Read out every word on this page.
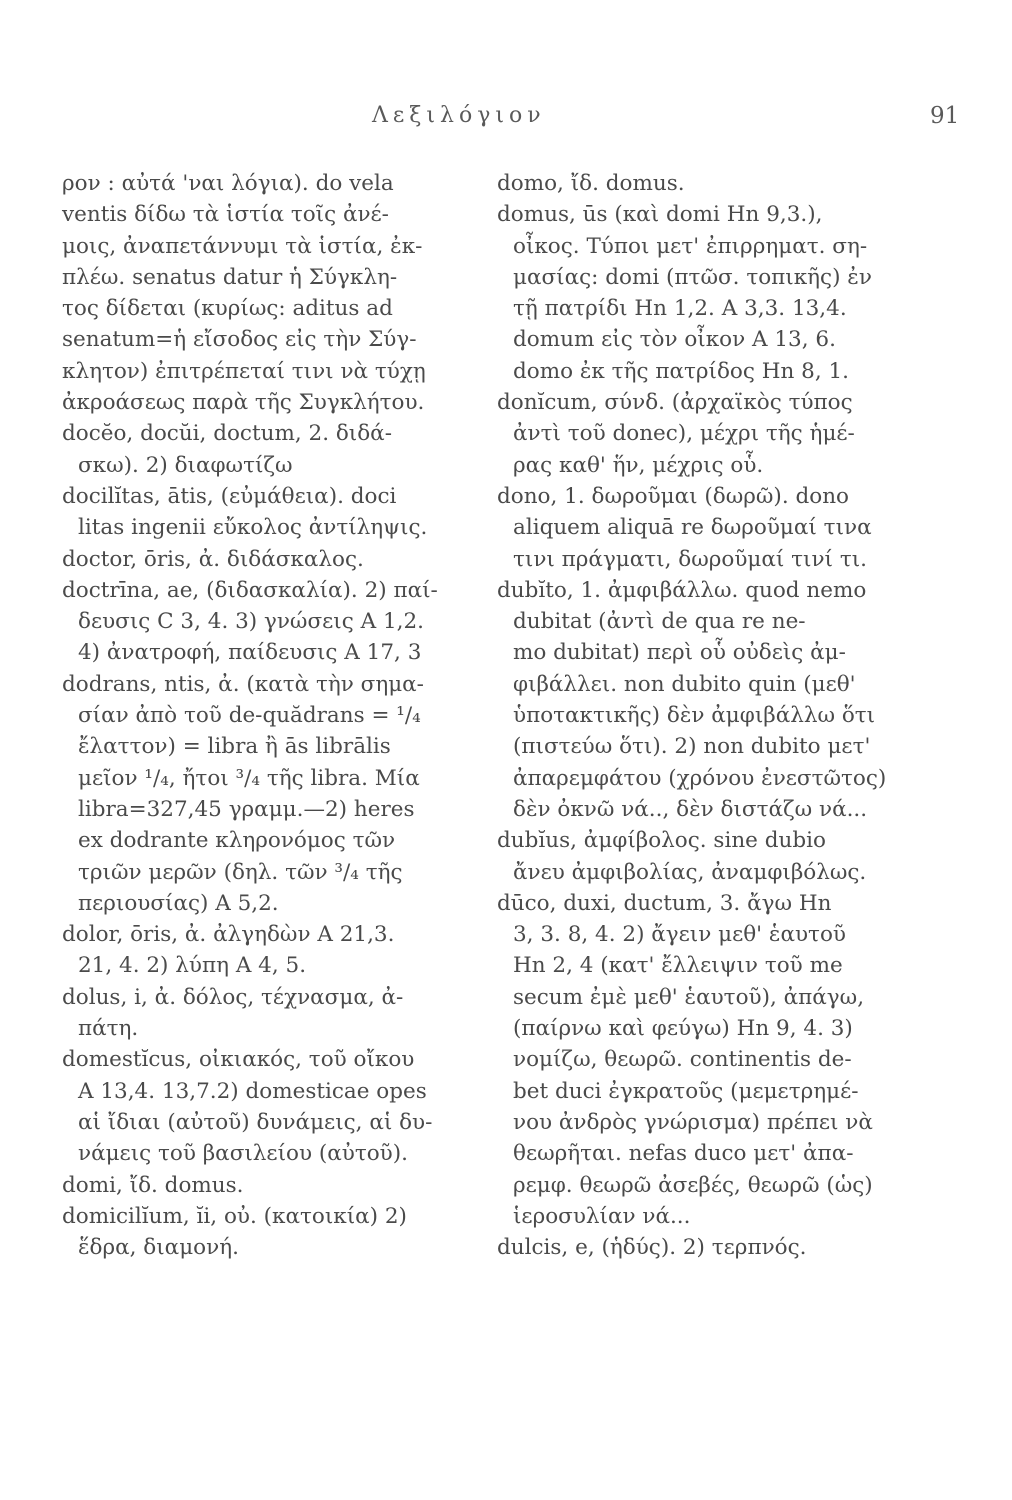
Λεξιλόγιον	91
ρον : αὐτά 'ναι λόγια). do vela
ventis δίδω τὰ ἱστία τοῖς ἀνέ-
μοις, ἀναπετάννυμι τὰ ἱστία, ἐκ-
πλέω. senatus datur ἡ Σύγκλη-
τος δίδεται (κυρίως: aditus ad
senatum=ἡ εἴσοδος εἰς τὴν Σύγ-
κλητον) ἐπιτρέπεταί τινι νὰ τύχῃ
ἀκροάσεως παρὰ τῆς Συγκλήτου.
docĕo, docŭi, doctum, 2. διδά-
σκω). 2) διαφωτίζω
docilĭtas, ātis, (εὐμάθεια). doci
litas ingenii εὔκολος ἀντίληψις.
doctor, ōris, ἀ. διδάσκαλος.
doctrīna, ae, (διδασκαλία). 2) παί-
δευσις C 3, 4. 3) γνώσεις A 1,2.
4) ἀνατροφή, παίδευσις A 17, 3
dodrans, ntis, ἀ. (κατὰ τὴν σημα-
σίαν ἀπὸ τοῦ de-quădrans = ¹/₄
ἔλαττον) = libra ἢ ās librālis
μεῖον ¹/₄, ἤτοι ³/₄ τῆς libra. Μία
libra=327,45 γραμμ.—2) heres
ex dodrante κληρονόμος τῶν
τριῶν μερῶν (δηλ. τῶν ³/₄ τῆς
περιουσίας) A 5,2.
dolor, ōris, ἀ. ἀλγηδὼν A 21,3.
21, 4. 2) λύπη A 4, 5.
dolus, i, ἀ. δόλος, τέχνασμα, ἀ-
πάτη.
domestĭcus, οἰκιακός, τοῦ οἴκου
A 13,4. 13,7.2) domesticae opes
αἱ ἴδιαι (αὐτοῦ) δυνάμεις, αἱ δυ-
νάμεις τοῦ βασιλείου (αὐτοῦ).
domi, ἴδ. domus.
domicilĭum, ĭi, οὐ. (κατοικία) 2)
ἕδρα, διαμονή.
domo, ἴδ. domus.
domus, ūs (καὶ domi Hn 9,3.),
οἶκος. Τύποι μετ' ἐπιρρηματ. ση-
μασίας: domi (πτῶσ. τοπικῆς) ἐν
τῇ πατρίδι Hn 1,2. A 3,3. 13,4.
domum εἰς τὸν οἶκον A 13, 6.
domo ἐκ τῆς πατρίδος Hn 8, 1.
donĭcum, σύνδ. (ἀρχαϊκὸς τύπος
ἀντὶ τοῦ donec), μέχρι τῆς ἡμέ-
ρας καθ' ἥν, μέχρις οὗ.
dono, 1. δωροῦμαι (δωρῶ). dono
aliquem aliquā re δωροῦμαί τινα
τινι πράγματι, δωροῦμαί τινί τι.
dubĭto, 1. ἀμφιβάλλω. quod nemo
dubitat (ἀντὶ de qua re ne-
mo dubitat) περὶ οὗ οὐδεὶς ἀμ-
φιβάλλει. non dubito quin (μεθ'
ὑποτακτικῆς) δὲν ἀμφιβάλλω ὅτι
(πιστεύω ὅτι). 2) non dubito μετ'
ἀπαρεμφάτου (χρόνου ἐνεστῶτος)
δὲν ὀκνῶ νά.., δὲν διστάζω νά...
dubĭus, ἀμφίβολος. sine dubio
ἄνευ ἀμφιβολίας, ἀναμφιβόλως.
dūco, duxi, ductum, 3. ἄγω Hn
3, 3. 8, 4. 2) ἄγειν μεθ' ἑαυτοῦ
Hn 2, 4 (κατ' ἔλλειψιν τοῦ me
secum ἐμὲ μεθ' ἑαυτοῦ), ἀπάγω,
(παίρνω καὶ φεύγω) Hn 9, 4. 3)
νομίζω, θεωρῶ. continentis de-
bet duci ἐγκρατοῦς (μεμετρημέ-
νου ἀνδρὸς γνώρισμα) πρέπει νὰ
θεωρῆται. nefas duco μετ' ἀπα-
ρεμφ. θεωρῶ ἀσεβές, θεωρῶ (ὡς)
ἱεροσυλίαν νά...
dulcis, e, (ἡδύς). 2) τερπνός.
